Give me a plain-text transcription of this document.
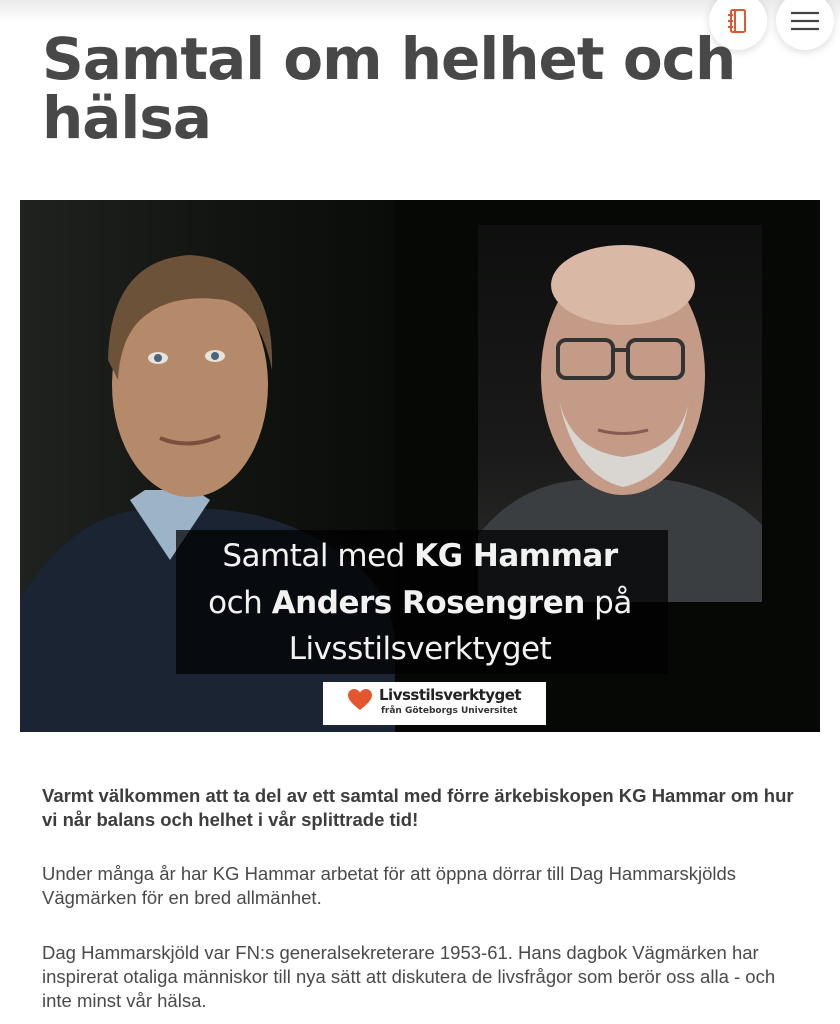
Samtal om helhet och hälsa
Samtal med KG Hammar
och Anders Rosengren på
Livsstilsverktyget
Livsstilsverktyget
från Göteborgs Universitet

Varmt välkommen att ta del av ett samtal med förre ärkebiskopen KG Hammar om hur vi når balans och helhet i vår splittrade tid!

Under många år har KG Hammar arbetat för att öppna dörrar till Dag Hammarskjölds Vägmärken för en bred allmänhet.

Dag Hammarskjöld var FN:s generalsekreterare 1953-61. Hans dagbok Vägmärken har inspirerat otaliga människor till nya sätt att diskutera de livsfrågor som berör oss alla - och inte minst vår hälsa.
